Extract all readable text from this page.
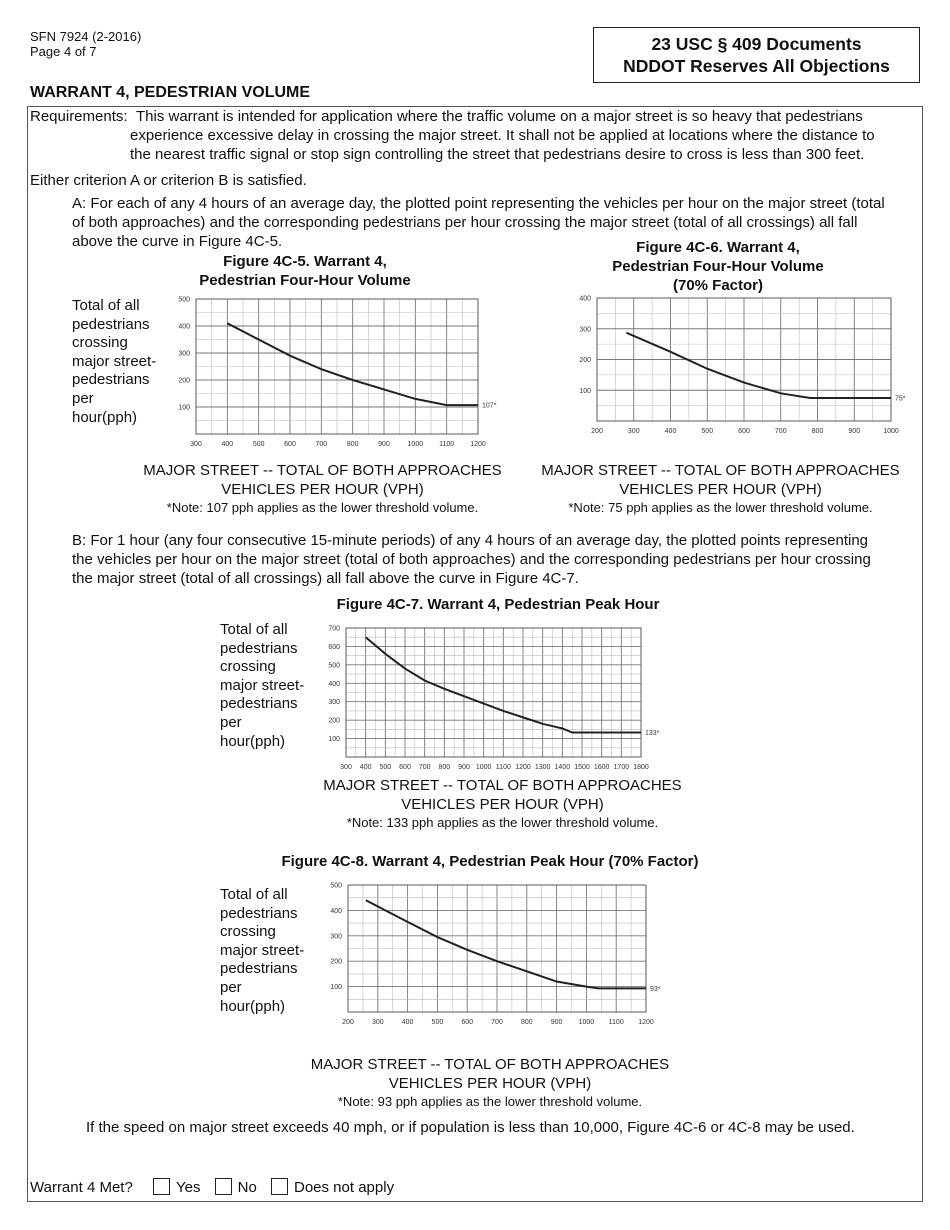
SFN 7924 (2-2016)
Page 4 of 7	23 USC § 409 Documents
NDDOT Reserves All Objections
WARRANT 4, PEDESTRIAN VOLUME
Requirements: This warrant is intended for application where the traffic volume on a major street is so heavy that pedestrians
experience excessive delay in crossing the major street. It shall not be applied at locations where the distance to
the nearest traffic signal or stop sign controlling the street that pedestrians desire to cross is less than 300 feet.
Either criterion A or criterion B is satisfied.
A: For each of any 4 hours of an average day, the plotted point representing the vehicles per hour on the major street (total
of both approaches) and the corresponding pedestrians per hour crossing the major street (total of all crossings) all fall
above the curve in Figure 4C-5.
Figure 4C-5. Warrant 4,
Pedestrian Four-Hour Volume
Total of all
pedestrians
crossing
major street-
pedestrians
per
hour(pph)
300	400	500	600	700	800	900	1000 1100 1200
100
200
300
400
500
107*
MAJOR STREET -- TOTAL OF BOTH APPROACHES
VEHICLES PER HOUR (VPH)
*Note: 107 pph applies as the lower threshold volume.
Figure 4C-6. Warrant 4,
Pedestrian Four-Hour Volume
(70% Factor)
200	300	400	500	600	700	800	900	1000
100
200
300
400
75*
MAJOR STREET -- TOTAL OF BOTH APPROACHES
VEHICLES PER HOUR (VPH)
*Note: 75 pph applies as the lower threshold volume.
B: For 1 hour (any four consecutive 15-minute periods) of any 4 hours of an average day, the plotted points representing
the vehicles per hour on the major street (total of both approaches) and the corresponding pedestrians per hour crossing
the major street (total of all crossings) all fall above the curve in Figure 4C-7.
Figure 4C-7. Warrant 4, Pedestrian Peak Hour
Total of all
pedestrians
crossing
major street-
pedestrians
per
hour(pph)
300 400 500 600 700 800 900 1000 1100 1200 1300 1400 1500 1600 1700 1800
100
200
300
400
500
600
700
133*
MAJOR STREET -- TOTAL OF BOTH APPROACHES
VEHICLES PER HOUR (VPH)
*Note: 133 pph applies as the lower threshold volume.
Figure 4C-8. Warrant 4, Pedestrian Peak Hour (70% Factor)
Total of all
pedestrians
crossing
major street-
pedestrians
per
hour(pph)
200	300	400	500	600	700	800	900 1000 1100 1200
100
200
300
400
500
93*
MAJOR STREET -- TOTAL OF BOTH APPROACHES
VEHICLES PER HOUR (VPH)
*Note: 93 pph applies as the lower threshold volume.
If the speed on major street exceeds 40 mph, or if population is less than 10,000, Figure 4C-6 or 4C-8 may be used.
Warrant 4 Met?	Yes No Does not apply
